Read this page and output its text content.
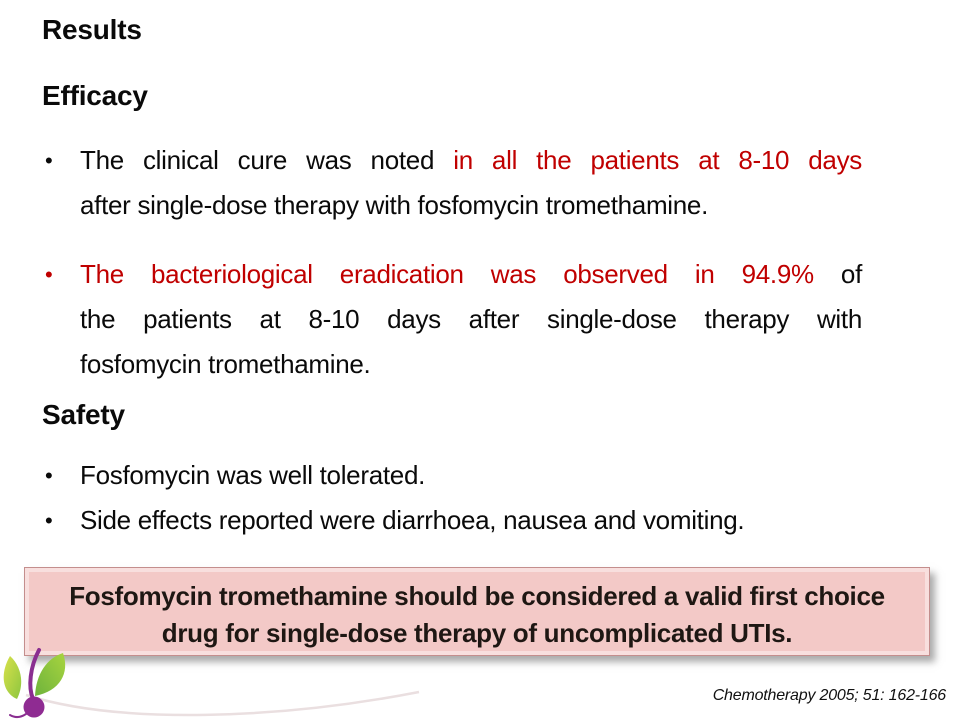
Results
Efficacy
•	The clinical cure was noted in all the patients at 8-10 days
after single-dose therapy with fosfomycin tromethamine.
•	The bacteriological eradication was observed in 94.9% of
the patients at 8-10 days after single-dose therapy with
fosfomycin tromethamine.
Safety
•	Fosfomycin was well tolerated.
•	Side effects reported were diarrhoea, nausea and vomiting.
Fosfomycin tromethamine should be considered a valid first choice
drug for single-dose therapy of uncomplicated UTIs.
Chemotherapy 2005; 51: 162-166
